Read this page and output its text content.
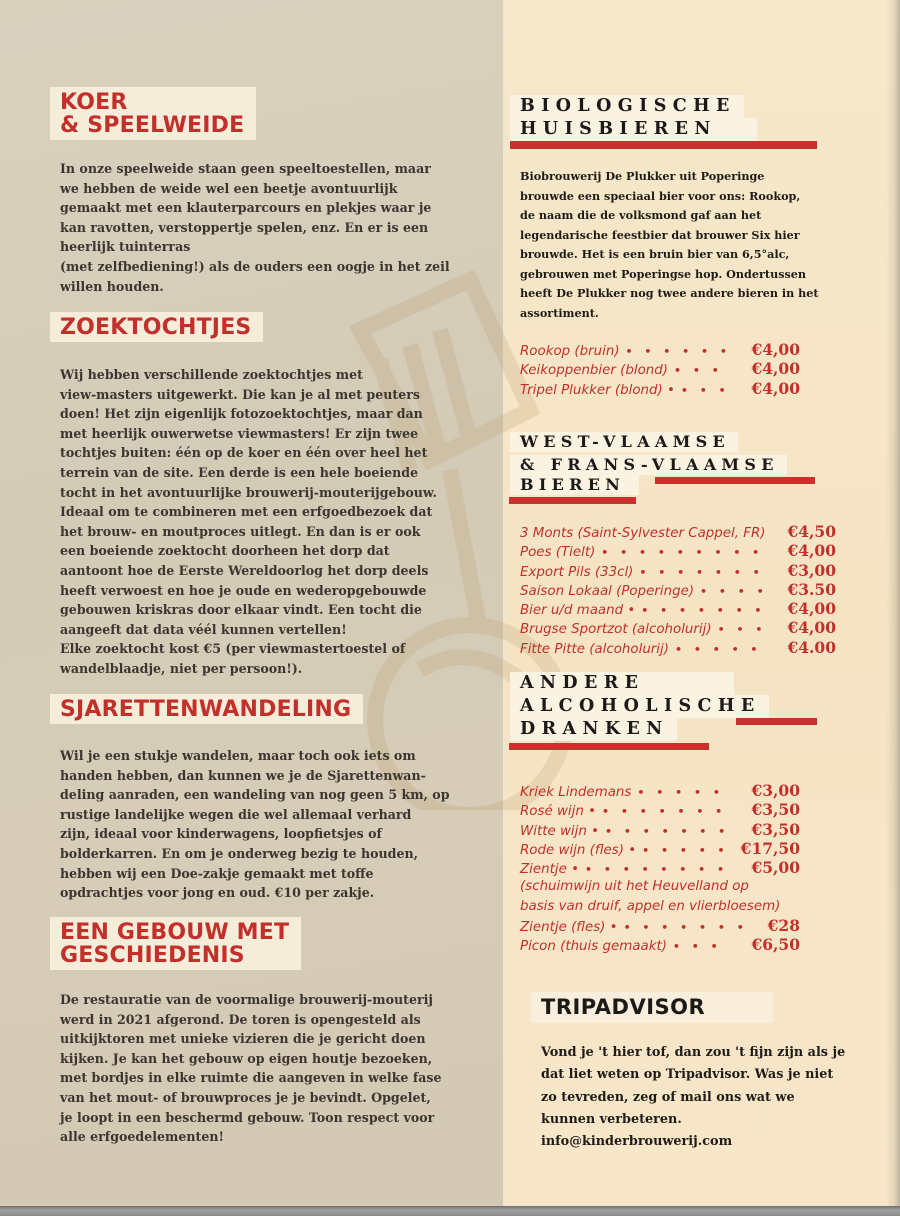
KOER
& SPEELWEIDE

In onze speelweide staan geen speeltoestellen, maar

we hebben de weide wel een beetje avontuurlijk

gemaakt met een klauterparcours en plekjes waar je

kan ravotten, verstoppertje spelen, enz. En er is een

heerlijk tuinterras

(met zelfbediening!) als de ouders een oogje in het zeil

willen houden.

ZOEKTOCHTJES

Wij hebben verschillende zoektochtjes met

view-masters uitgewerkt. Die kan je al met peuters

doen! Het zijn eigenlijk fotozoektochtjes, maar dan

met heerlijk ouwerwetse viewmasters! Er zijn twee

tochtjes buiten: één op de koer en één over heel het

terrein van de site. Een derde is een hele boeiende

tocht in het avontuurlijke brouwerij-mouterijgebouw.

Ideaal om te combineren met een erfgoedbezoek dat

het brouw- en moutproces uitlegt. En dan is er ook

een boeiende zoektocht doorheen het dorp dat

aantoont hoe de Eerste Wereldoorlog het dorp deels

heeft verwoest en hoe je oude en wederopgebouwde

gebouwen kriskras door elkaar vindt. Een tocht die

aangeeft dat data véél kunnen vertellen!

Elke zoektocht kost €5 (per viewmastertoestel of

wandelblaadje, niet per persoon!).

SJARETTENWANDELING

Wil je een stukje wandelen, maar toch ook iets om

handen hebben, dan kunnen we je de Sjarettenwan-

deling aanraden, een wandeling van nog geen 5 km, op

rustige landelijke wegen die wel allemaal verhard

zijn, ideaal voor kinderwagens, loopfietsjes of

bolderkarren. En om je onderweg bezig te houden,

hebben wij een Doe-zakje gemaakt met toffe

opdrachtjes voor jong en oud. €10 per zakje.

EEN GEBOUW MET
GESCHIEDENIS

De restauratie van de voormalige brouwerij-mouterij

werd in 2021 afgerond. De toren is opengesteld als

uitkijktoren met unieke vizieren die je gericht doen

kijken. Je kan het gebouw op eigen houtje bezoeken,

met bordjes in elke ruimte die aangeven in welke fase

van het mout- of brouwproces je je bevindt. Opgelet,

je loopt in een beschermd gebouw. Toon respect voor

alle erfgoedelementen!

BIOLOGISCHE
HUISBIEREN
Biobrouwerij De Plukker uit Poperinge
brouwde een speciaal bier voor ons: Rookop,
de naam die de volksmond gaf aan het
legendarische feestbier dat brouwer Six hier
brouwde. Het is een bruin bier van 6,5°alc,
gebrouwen met Poperingse hop. Ondertussen
heeft De Plukker nog twee andere bieren in het
assortiment.
Rookop (bruin) • • • • • •	€4,00
Keikoppenbier (blond) • • •	€4,00
Tripel Plukker (blond) • • • •	€4,00
WEST-VLAAMSE
& FRANS-VLAAMSE
BIEREN
3 Monts (Saint-Sylvester Cappel, FR) €4,50
Poes (Tielt) • • • • • • • • •	€4,00
Export Pils (33cl) • • • • • • •	€3,00
Saison Lokaal (Poperinge) • • • •	€3.50
Bier u/d maand • • • • • • • •	€4,00
Brugse Sportzot (alcoholurij) • • •	€4,00
Fitte Pitte (alcoholurij) • • • • •	€4.00
ANDERE
ALCOHOLISCHE
DRANKEN
Kriek Lindemans • • • • •	€3,00
Rosé wijn • • • • • • • •	€3,50
Witte wijn • • • • • • • •	€3,50
Rode wijn (fles) • • • • • • €17,50
Zientje • • • • • • • • •	€5,00
(schuimwijn uit het Heuvelland op
basis van druif, appel en vlierbloesem)
Zientje (fles) • • • • • • • •	€28
Picon (thuis gemaakt) • • •	€6,50
TRIPADVISOR

Vond je 't hier tof, dan zou 't fijn zijn als je

dat liet weten op Tripadvisor. Was je niet

zo tevreden, zeg of mail ons wat we

kunnen verbeteren.

info@kinderbrouwerij.com
